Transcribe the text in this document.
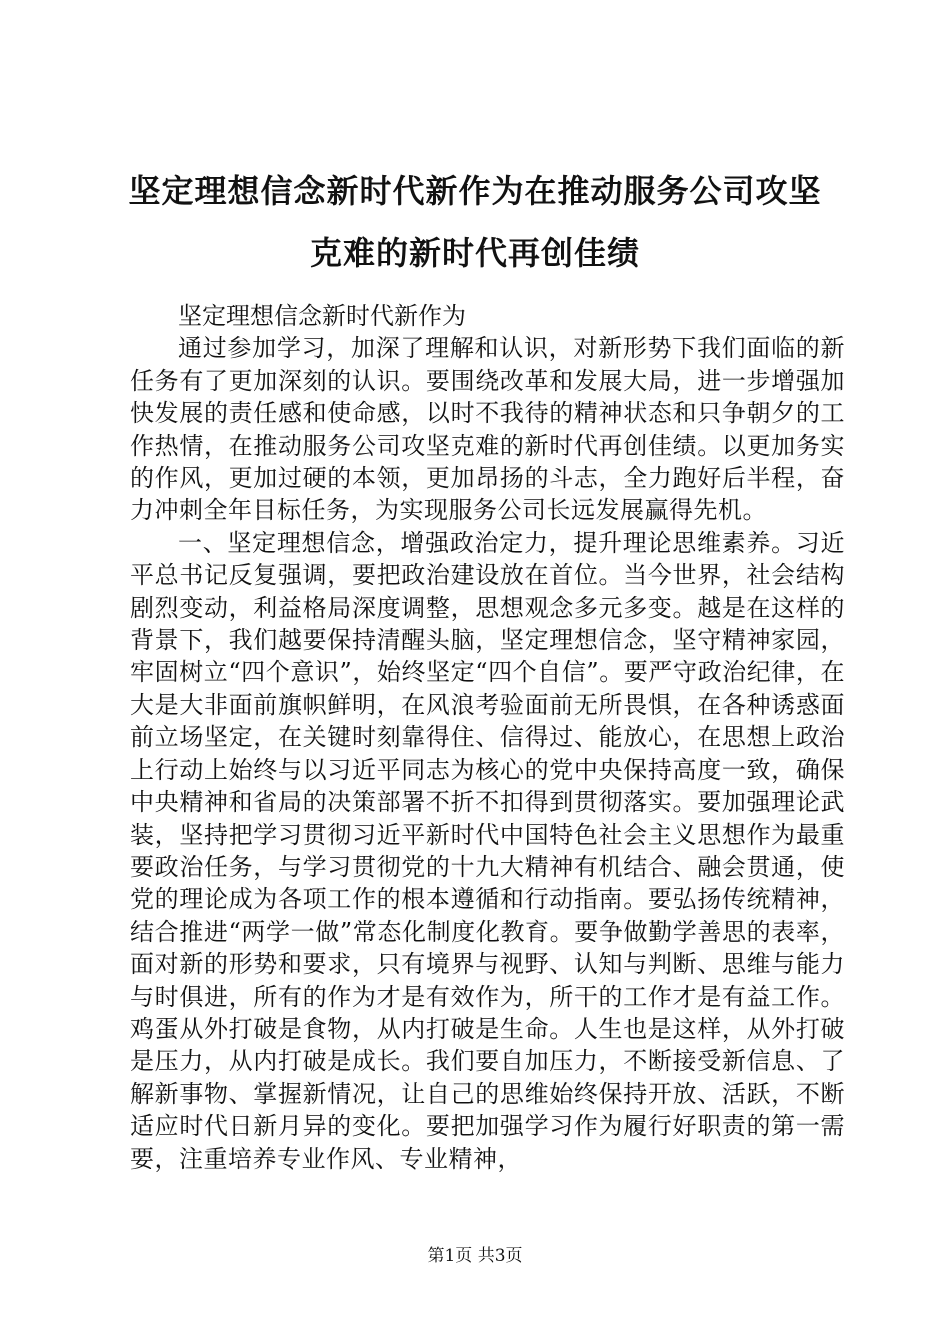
坚定理想信念新时代新作为在推动服务公司攻坚克难的新时代再创佳绩

坚定理想信念新时代新作为

通过参加学习，加深了理解和认识，对新形势下我们面临的新任务有了更加深刻的认识。要围绕改革和发展大局，进一步增强加快发展的责任感和使命感，以时不我待的精神状态和只争朝夕的工作热情，在推动服务公司攻坚克难的新时代再创佳绩。以更加务实的作风，更加过硬的本领，更加昂扬的斗志，全力跑好后半程，奋力冲刺全年目标任务，为实现服务公司长远发展赢得先机。

一、坚定理想信念，增强政治定力，提升理论思维素养。习近平总书记反复强调，要把政治建设放在首位。当今世界，社会结构剧烈变动，利益格局深度调整，思想观念多元多变。越是在这样的背景下，我们越要保持清醒头脑，坚定理想信念，坚守精神家园，牢固树立“四个意识”，始终坚定“四个自信”。要严守政治纪律，在大是大非面前旗帜鲜明，在风浪考验面前无所畏惧，在各种诱惑面前立场坚定，在关键时刻靠得住、信得过、能放心，在思想上政治上行动上始终与以习近平同志为核心的党中央保持高度一致，确保中央精神和省局的决策部署不折不扣得到贯彻落实。要加强理论武装，坚持把学习贯彻习近平新时代中国特色社会主义思想作为最重要政治任务，与学习贯彻党的十九大精神有机结合、融会贯通，使党的理论成为各项工作的根本遵循和行动指南。要弘扬传统精神，结合推进“两学一做”常态化制度化教育。要争做勤学善思的表率，面对新的形势和要求，只有境界与视野、认知与判断、思维与能力与时俱进，所有的作为才是有效作为，所干的工作才是有益工作。鸡蛋从外打破是食物，从内打破是生命。人生也是这样，从外打破是压力，从内打破是成长。我们要自加压力，不断接受新信息、了解新事物、掌握新情况，让自己的思维始终保持开放、活跃，不断适应时代日新月异的变化。要把加强学习作为履行好职责的第一需要，注重培养专业作风、专业精神，

第1页 共3页
